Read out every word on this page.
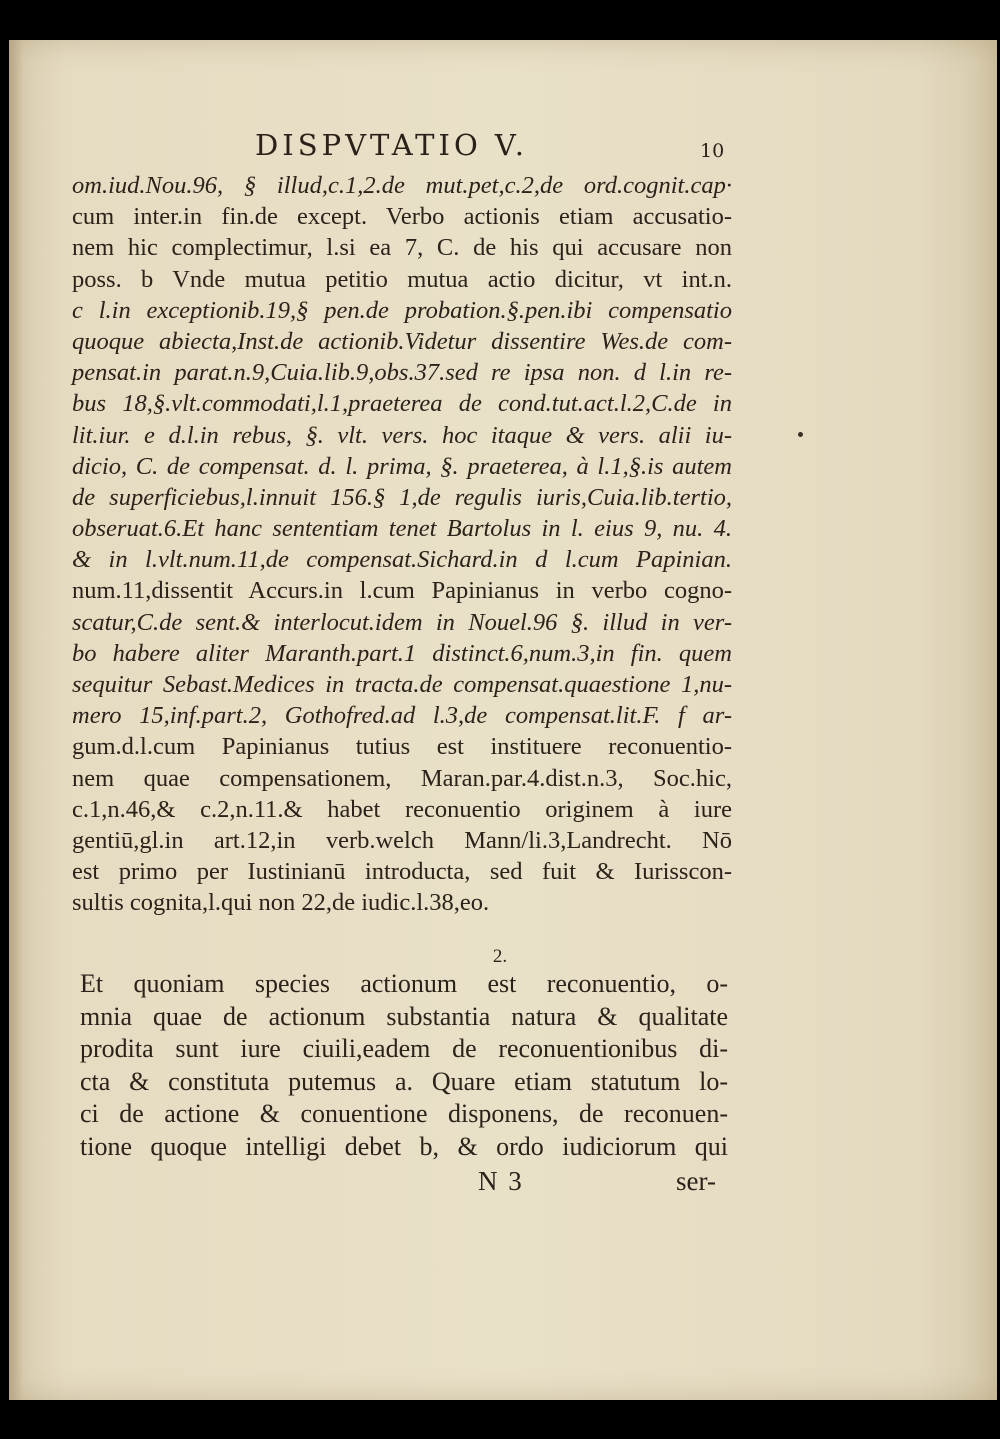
DISPVTATIO V.	10
om.iud.Nou.96, § illud,c.1,2.de mut.pet,c.2,de ord.cognit.cap·
cum inter.in fin.de except. Verbo actionis etiam accusatio-
nem hic complectimur, l.si ea 7, C. de his qui accusare non
poss. b Vnde mutua petitio mutua actio dicitur, vt int.n.
c l.in exceptionib.19,§ pen.de probation.§.pen.ibi compensatio
quoque abiecta,Inst.de actionib.Videtur dissentire Wes.de com-
pensat.in parat.n.9,Cuia.lib.9,obs.37.sed re ipsa non. d l.in re-
bus 18,§.vlt.commodati,l.1,praeterea de cond.tut.act.l.2,C.de in
lit.iur. e d.l.in rebus, §. vlt. vers. hoc itaque & vers. alii iu-
dicio, C. de compensat. d. l. prima, §. praeterea, à l.1,§.is autem
de superficiebus,l.innuit 156.§ 1,de regulis iuris,Cuia.lib.tertio,
obseruat.6.Et hanc sententiam tenet Bartolus in l. eius 9, nu. 4.
& in l.vlt.num.11,de compensat.Sichard.in d l.cum Papinian.
num.11,dissentit Accurs.in l.cum Papinianus in verbo cogno-
scatur,C.de sent.& interlocut.idem in Nouel.96 §. illud in ver-
bo habere aliter Maranth.part.1 distinct.6,num.3,in fin. quem
sequitur Sebast.Medices in tracta.de compensat.quaestione 1,nu-
mero 15,inf.part.2, Gothofred.ad l.3,de compensat.lit.F. f ar-
gum.d.l.cum Papinianus tutius est instituere reconuentio-
nem quae compensationem, Maran.par.4.dist.n.3, Soc.hic,
c.1,n.46,& c.2,n.11.& habet reconuentio originem à iure
gentiū,gl.in art.12,in verb.welch Mann/li.3,Landrecht. Nō
est primo per Iustinianū introducta, sed fuit & Iurisscon-
sultis cognita,l.qui non 22,de iudic.l.38,eo.
2.
Et quoniam species actionum est reconuentio, o-
mnia quae de actionum substantia natura & qualitate
prodita sunt iure ciuili,eadem de reconuentionibus di-
cta & constituta putemus a. Quare etiam statutum lo-
ci de actione & conuentione disponens, de reconuen-
tione quoque intelligi debet b, & ordo iudiciorum qui
N 3	ser-
